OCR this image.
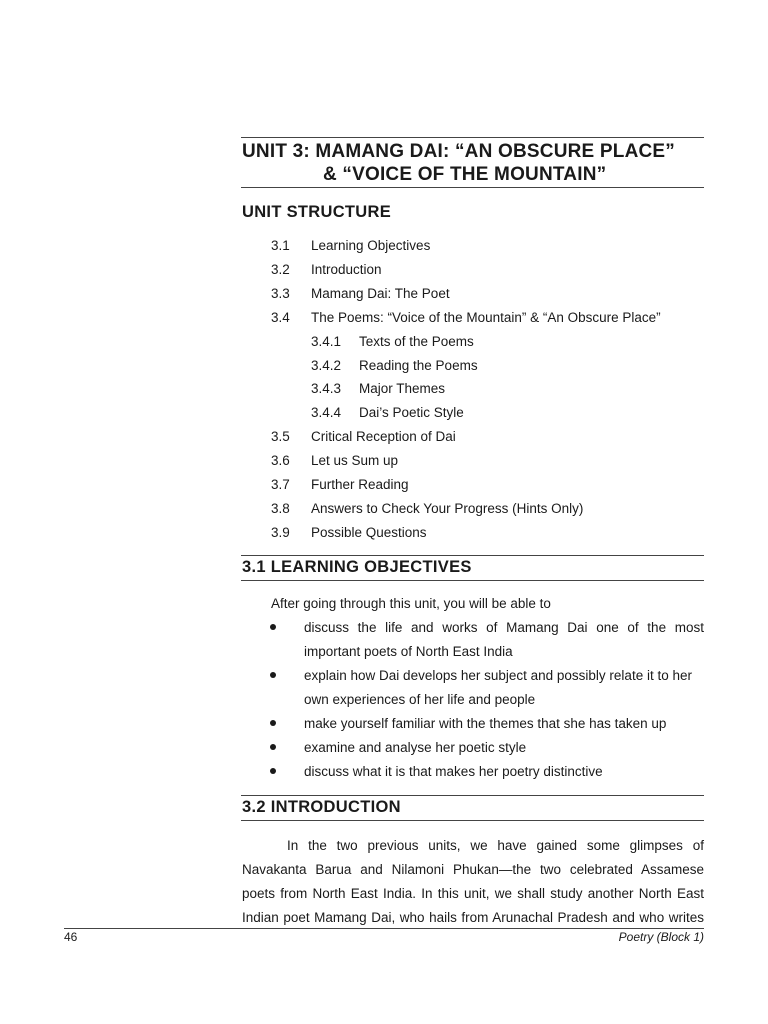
UNIT 3: MAMANG DAI: “AN OBSCURE PLACE”
& “VOICE OF THE MOUNTAIN”
UNIT STRUCTURE
3.1 Learning Objectives
3.2 Introduction
3.3 Mamang Dai: The Poet
3.4 The Poems: “Voice of the Mountain” & “An Obscure Place”
3.4.1 Texts of the Poems
3.4.2 Reading the Poems
3.4.3 Major Themes
3.4.4 Dai’s Poetic Style
3.5 Critical Reception of Dai
3.6 Let us Sum up
3.7 Further Reading
3.8 Answers to Check Your Progress (Hints Only)
3.9 Possible Questions
3.1 LEARNING OBJECTIVES
After going through this unit, you will be able to
discuss the life and works of Mamang Dai one of the most
important poets of North East India
explain how Dai develops her subject and possibly relate it to her
own experiences of her life and people
make yourself familiar with the themes that she has taken up
examine and analyse her poetic style
discuss what it is that makes her poetry distinctive
3.2 INTRODUCTION
In the two previous units, we have gained some glimpses of
Navakanta Barua and Nilamoni Phukan—the two celebrated Assamese
poets from North East India. In this unit, we shall study another North East
Indian poet Mamang Dai, who hails from Arunachal Pradesh and who writes
46	Poetry (Block 1)
